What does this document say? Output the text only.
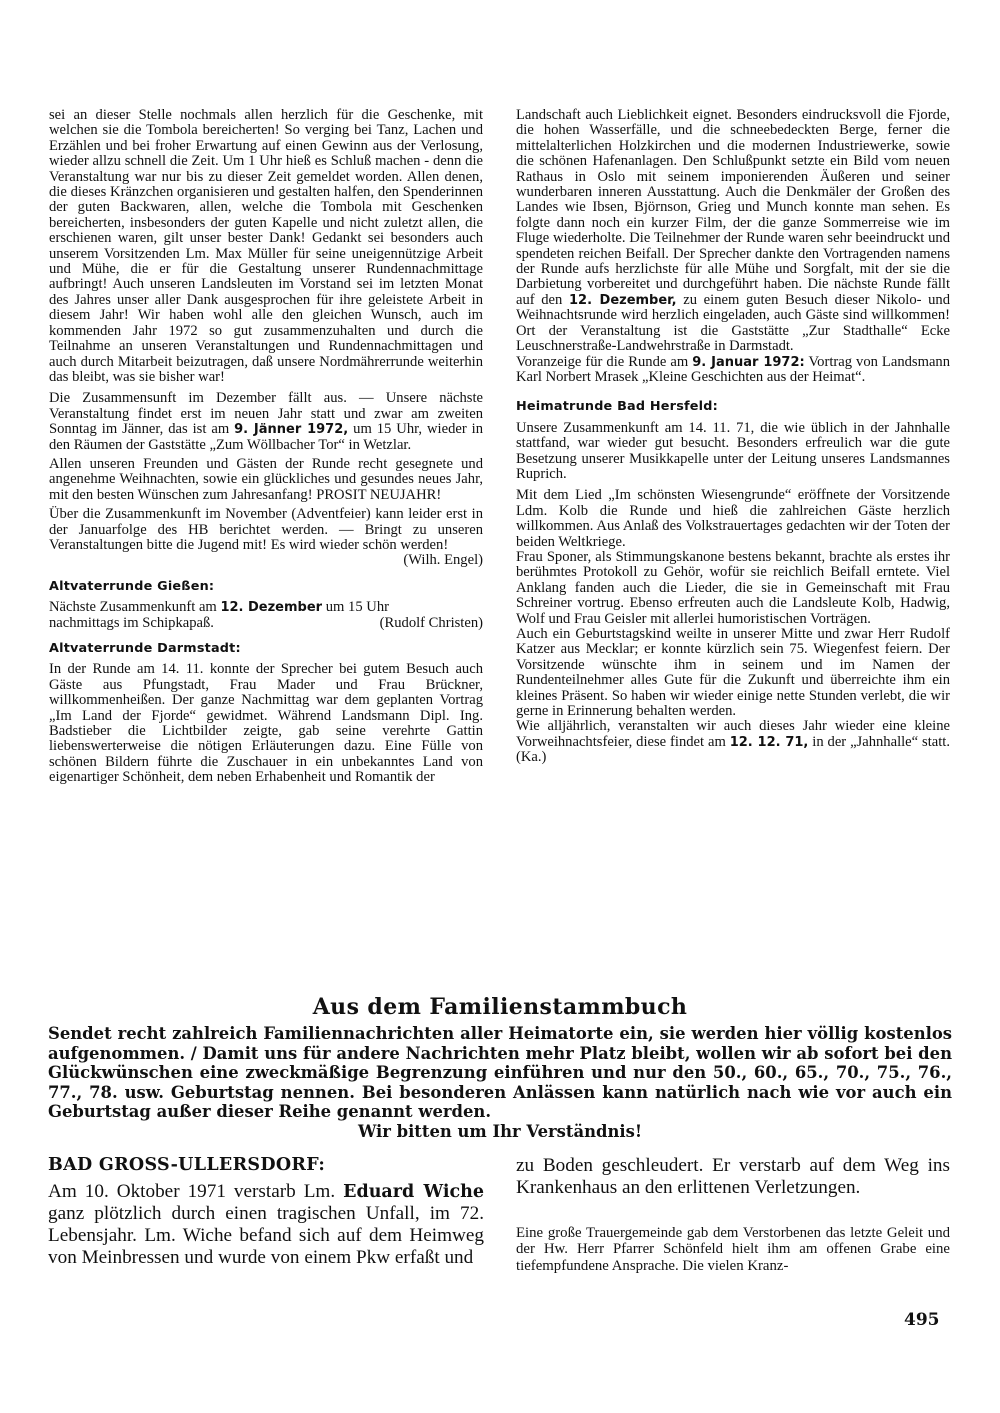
sei an dieser Stelle nochmals allen herzlich für die Geschenke, mit welchen sie die Tombola bereicherten! So verging bei Tanz, Lachen und Erzählen und bei froher Erwartung auf einen Gewinn aus der Verlosung, wieder allzu schnell die Zeit. Um 1 Uhr hieß es Schluß machen - denn die Veranstaltung war nur bis zu dieser Zeit gemeldet worden. Allen denen, die dieses Kränzchen organisieren und gestalten halfen, den Spenderinnen der guten Backwaren, allen, welche die Tombola mit Geschenken bereicherten, insbesonders der guten Kapelle und nicht zuletzt allen, die erschienen waren, gilt unser bester Dank! Gedankt sei besonders auch unserem Vorsitzenden Lm. Max Müller für seine uneigennützige Arbeit und Mühe, die er für die Gestaltung unserer Rundennachmittage aufbringt! Auch unseren Landsleuten im Vorstand sei im letzten Monat des Jahres unser aller Dank ausgesprochen für ihre geleistete Arbeit in diesem Jahr! Wir haben wohl alle den gleichen Wunsch, auch im kommenden Jahr 1972 so gut zusammenzuhalten und durch die Teilnahme an unseren Veranstaltungen und Rundennachmittagen und auch durch Mitarbeit beizutragen, daß unsere Nordmährerrunde weiterhin das bleibt, was sie bisher war!

Die Zusammensunft im Dezember fällt aus. — Unsere nächste Veranstaltung findet erst im neuen Jahr statt und zwar am zweiten Sonntag im Jänner, das ist am 9. Jänner 1972, um 15 Uhr, wieder in den Räumen der Gaststätte „Zum Wöllbacher Tor“ in Wetzlar.

Allen unseren Freunden und Gästen der Runde recht gesegnete und angenehme Weihnachten, sowie ein glückliches und gesundes neues Jahr, mit den besten Wünschen zum Jahresanfang! PROSIT NEUJAHR!

Über die Zusammenkunft im November (Adventfeier) kann leider erst in der Januarfolge des HB berichtet werden. — Bringt zu unseren Veranstaltungen bitte die Jugend mit! Es wird wieder schön werden!

(Wilh. Engel)

Altvaterrunde Gießen:

Nächste Zusammenkunft am 12. Dezember um 15 Uhr

nachmittags im Schipkapaß.	(Rudolf Christen)

Altvaterrunde Darmstadt:

In der Runde am 14. 11. konnte der Sprecher bei gutem Besuch auch Gäste aus Pfungstadt, Frau Mader und Frau Brückner, willkommenheißen. Der ganze Nachmittag war dem geplanten Vortrag „Im Land der Fjorde“ gewidmet. Während Landsmann Dipl. Ing. Badstieber die Lichtbilder zeigte, gab seine verehrte Gattin liebenswerterweise die nötigen Erläuterungen dazu. Eine Fülle von schönen Bildern führte die Zuschauer in ein unbekanntes Land von eigenartiger Schönheit, dem neben Erhabenheit und Romantik der

Landschaft auch Lieblichkeit eignet. Besonders eindrucksvoll die Fjorde, die hohen Wasserfälle, und die schneebedeckten Berge, ferner die mittelalterlichen Holzkirchen und die modernen Industriewerke, sowie die schönen Hafenanlagen. Den Schlußpunkt setzte ein Bild vom neuen Rathaus in Oslo mit seinem imponierenden Äußeren und seiner wunderbaren inneren Ausstattung. Auch die Denkmäler der Großen des Landes wie Ibsen, Björnson, Grieg und Munch konnte man sehen. Es folgte dann noch ein kurzer Film, der die ganze Sommerreise wie im Fluge wiederholte. Die Teilnehmer der Runde waren sehr beeindruckt und spendeten reichen Beifall. Der Sprecher dankte den Vortragenden namens der Runde aufs herzlichste für alle Mühe und Sorgfalt, mit der sie die Darbietung vorbereitet und durchgeführt haben. Die nächste Runde fällt auf den 12. Dezember, zu einem guten Besuch dieser Nikolo- und Weihnachtsrunde wird herzlich eingeladen, auch Gäste sind willkommen! Ort der Veranstaltung ist die Gaststätte „Zur Stadthalle“ Ecke Leuschnerstraße-Landwehrstraße in Darmstadt.

Voranzeige für die Runde am 9. Januar 1972: Vortrag von Landsmann Karl Norbert Mrasek „Kleine Geschichten aus der Heimat“.

Heimatrunde Bad Hersfeld:

Unsere Zusammenkunft am 14. 11. 71, die wie üblich in der Jahnhalle stattfand, war wieder gut besucht. Besonders erfreulich war die gute Besetzung unserer Musikkapelle unter der Leitung unseres Landsmannes Ruprich.

Mit dem Lied „Im schönsten Wiesengrunde“ eröffnete der Vorsitzende Ldm. Kolb die Runde und hieß die zahlreichen Gäste herzlich willkommen. Aus Anlaß des Volkstrauertages gedachten wir der Toten der beiden Weltkriege.

Frau Sponer, als Stimmungskanone bestens bekannt, brachte als erstes ihr berühmtes Protokoll zu Gehör, wofür sie reichlich Beifall erntete. Viel Anklang fanden auch die Lieder, die sie in Gemeinschaft mit Frau Schreiner vortrug. Ebenso erfreuten auch die Landsleute Kolb, Hadwig, Wolf und Frau Geisler mit allerlei humoristischen Vorträgen.

Auch ein Geburtstagskind weilte in unserer Mitte und zwar Herr Rudolf Katzer aus Mecklar; er konnte kürzlich sein 75. Wiegenfest feiern. Der Vorsitzende wünschte ihm in seinem und im Namen der Rundenteilnehmer alles Gute für die Zukunft und überreichte ihm ein kleines Präsent. So haben wir wieder einige nette Stunden verlebt, die wir gerne in Erinnerung behalten werden.

Wie alljährlich, veranstalten wir auch dieses Jahr wieder eine kleine Vorweihnachtsfeier, diese findet am 12. 12. 71, in der „Jahnhalle“ statt. (Ka.)

Aus dem Familienstammbuch

Sendet recht zahlreich Familiennachrichten aller Heimatorte ein, sie werden hier völlig kostenlos aufgenommen. / Damit uns für andere Nachrichten mehr Platz bleibt, wollen wir ab sofort bei den Glückwünschen eine zweckmäßige Begrenzung einführen und nur den 50., 60., 65., 70., 75., 76., 77., 78. usw. Geburtstag nennen. Bei besonderen Anlässen kann natürlich nach wie vor auch ein Geburtstag außer dieser Reihe genannt werden.
Wir bitten um Ihr Verständnis!

BAD GROSS-ULLERSDORF:

Am 10. Oktober 1971 verstarb Lm. Eduard Wiche ganz plötzlich durch einen tragischen Unfall, im 72. Lebensjahr. Lm. Wiche befand sich auf dem Heimweg von Meinbressen und wurde von einem Pkw erfaßt und

zu Boden geschleudert. Er verstarb auf dem Weg ins Krankenhaus an den erlittenen Verletzungen.

Eine große Trauergemeinde gab dem Verstorbenen das letzte Geleit und der Hw. Herr Pfarrer Schönfeld hielt ihm am offenen Grabe eine tiefempfundene Ansprache. Die vielen Kranz-

495
